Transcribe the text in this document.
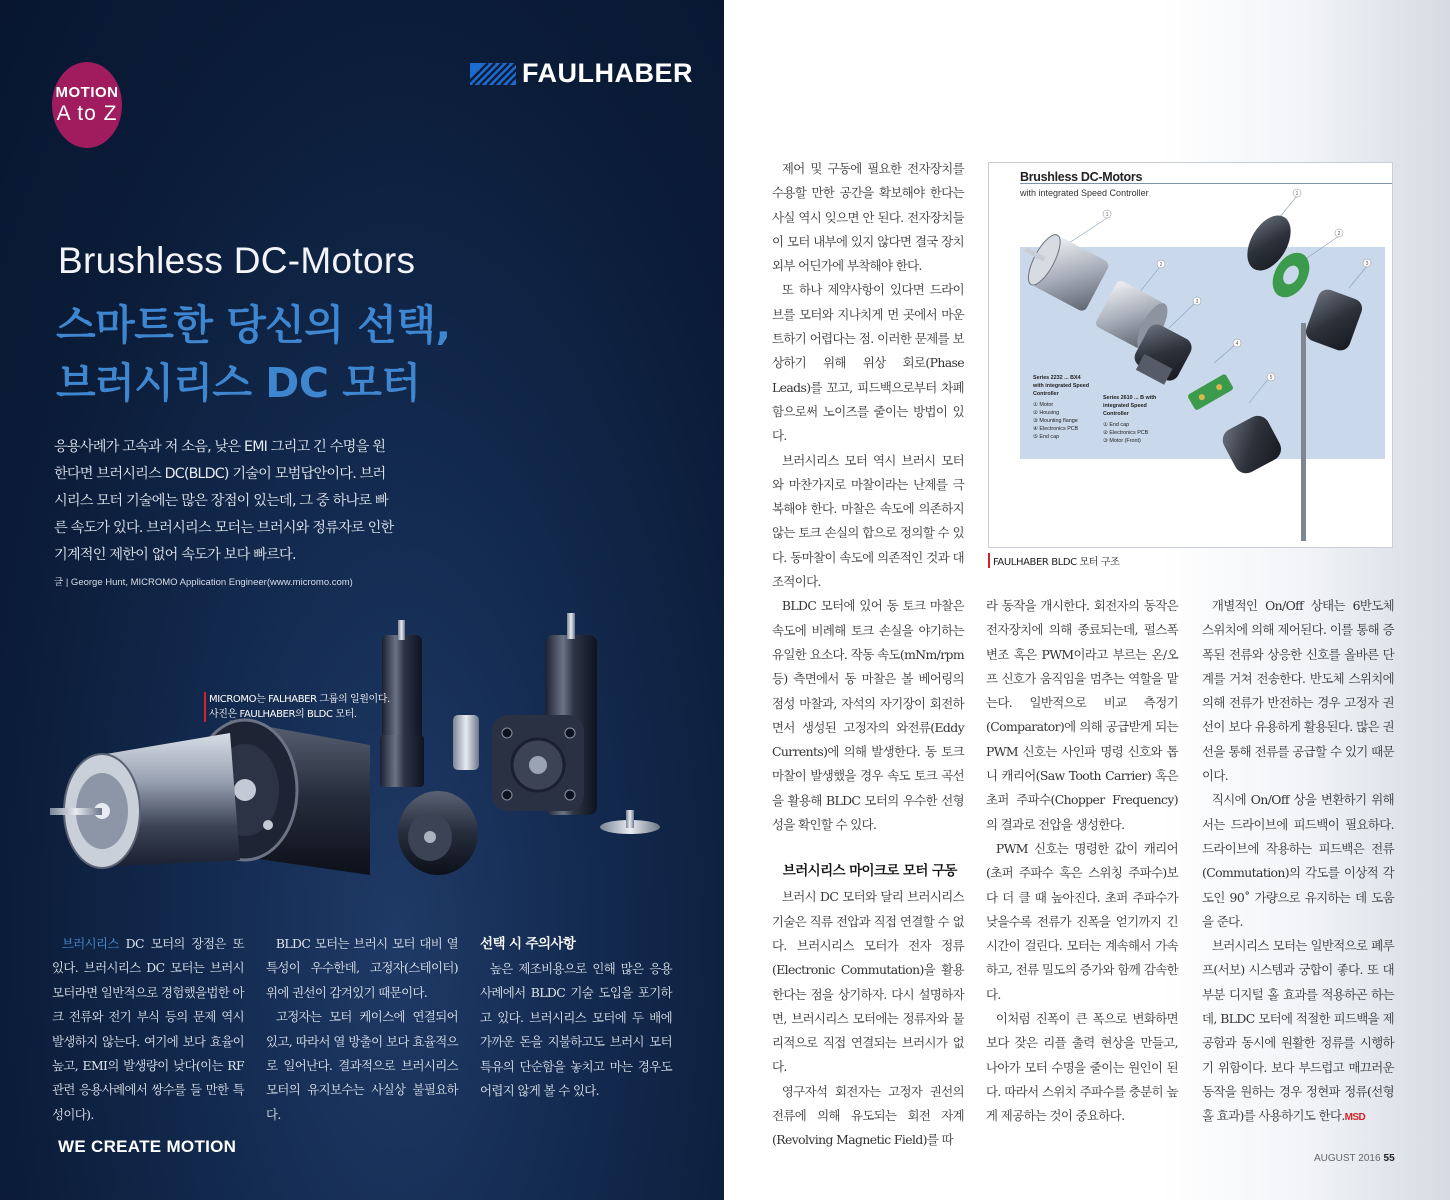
MOTION
A to Z
FAULHABER
Brushless DC-Motors
스마트한 당신의 선택,
브러시리스 DC 모터
응용사례가 고속과 저 소음, 낮은 EMI 그리고 긴 수명을 원한다면 브러시리스 DC(BLDC) 기술이 모범답안이다. 브러시리스 모터 기술에는 많은 장점이 있는데, 그 중 하나로 빠른 속도가 있다. 브러시리스 모터는 브러시와 정류자로 인한 기계적인 제한이 없어 속도가 보다 빠르다.
글 | George Hunt, MICROMO Application Engineer(www.micromo.com)
MICROMO는 FALHABER 그룹의 일원이다.
사진은 FAULHABER의 BLDC 모터.

브러시리스 DC 모터의 장점은 또 있다. 브러시리스 DC 모터는 브러시 모터라면 일반적으로 경험했을법한 아크 전류와 전기 부식 등의 문제 역시 발생하지 않는다. 여기에 보다 효율이 높고, EMI의 발생량이 낮다(이는 RF 관련 응용사례에서 쌍수를 들 만한 특성이다).

BLDC 모터는 브러시 모터 대비 열 특성이 우수한데, 고정자(스테이터) 위에 권선이 감겨있기 때문이다.

고정자는 모터 케이스에 연결되어 있고, 따라서 열 방출이 보다 효율적으로 일어난다. 결과적으로 브러시리스 모터의 유지보수는 사실상 불필요하다.

선택 시 주의사항

높은 제조비용으로 인해 많은 응용사례에서 BLDC 기술 도입을 포기하고 있다. 브러시리스 모터에 두 배에 가까운 돈을 지불하고도 브러시 모터 특유의 단순함을 놓치고 마는 경우도 어렵지 않게 볼 수 있다.

WE CREATE MOTION

제어 및 구동에 필요한 전자장치를 수용할 만한 공간을 확보해야 한다는 사실 역시 잊으면 안 된다. 전자장치들이 모터 내부에 있지 않다면 결국 장치 외부 어딘가에 부착해야 한다.

또 하나 제약사항이 있다면 드라이브를 모터와 지나치게 먼 곳에서 마운트하기 어렵다는 점. 이러한 문제를 보상하기 위해 위상 회로(Phase Leads)를 꼬고, 피드백으로부터 차폐함으로써 노이즈를 줄이는 방법이 있다.

브러시리스 모터 역시 브러시 모터와 마찬가지로 마찰이라는 난제를 극복해야 한다. 마찰은 속도에 의존하지 않는 토크 손실의 합으로 정의할 수 있다. 동마찰이 속도에 의존적인 것과 대조적이다.

BLDC 모터에 있어 동 토크 마찰은 속도에 비례해 토크 손실을 야기하는 유일한 요소다. 작동 속도(mNm/rpm 등) 측면에서 동 마찰은 볼 베어링의 점성 마찰과, 자석의 자기장이 회전하면서 생성된 고정자의 와전류(Eddy Currents)에 의해 발생한다. 동 토크 마찰이 발생했을 경우 속도 토크 곡선을 활용해 BLDC 모터의 우수한 선형성을 확인할 수 있다.

브러시리스 마이크로 모터 구동

브러시 DC 모터와 달리 브러시리스 기술은 직류 전압과 직접 연결할 수 없다. 브러시리스 모터가 전자 정류(Electronic Commutation)을 활용한다는 점을 상기하자. 다시 설명하자면, 브러시리스 모터에는 정류자와 물리적으로 직접 연결되는 브러시가 없다.

영구자석 회전자는 고정자 권선의 전류에 의해 유도되는 회전 자계(Revolving Magnetic Field)를 따

1
2
3
4
5
1
2
3
Brushless DC-Motors
with integrated Speed Controller
Series 2232 ... BX4 with integrated Speed Controller
① Motor
② Housing
③ Mounting flange
④ Electronics PCB
⑤ End cap
Series 2610 ... B with integrated Speed Controller
① End cap
② Electronics PCB
③ Motor (Front)
FAULHABER BLDC 모터 구조

라 동작을 개시한다. 회전자의 동작은 전자장치에 의해 종료되는데, 펄스폭 변조 혹은 PWM이라고 부르는 온/오프 신호가 움직임을 멈추는 역할을 맡는다. 일반적으로 비교 측정기(Comparator)에 의해 공급받게 되는 PWM 신호는 사인파 명령 신호와 톱니 캐리어(Saw Tooth Carrier) 혹은 초퍼 주파수(Chopper Frequency)의 결과로 전압을 생성한다.

PWM 신호는 명령한 값이 캐리어(초퍼 주파수 혹은 스위칭 주파수)보다 더 클 때 높아진다. 초퍼 주파수가 낮을수록 전류가 진폭을 얻기까지 긴 시간이 걸린다. 모터는 계속해서 가속하고, 전류 밀도의 증가와 함께 감속한다.

이처럼 진폭이 큰 폭으로 변화하면 보다 잦은 리플 출력 현상을 만들고, 나아가 모터 수명을 줄이는 원인이 된다. 따라서 스위치 주파수를 충분히 높게 제공하는 것이 중요하다.

개별적인 On/Off 상태는 6반도체 스위치에 의해 제어된다. 이를 통해 증폭된 전류와 상응한 신호를 올바른 단계를 거쳐 전송한다. 반도체 스위치에 의해 전류가 반전하는 경우 고정자 권선이 보다 유용하게 활용된다. 많은 권선을 통해 전류를 공급할 수 있기 때문이다.

직시에 On/Off 상을 변환하기 위해서는 드라이브에 피드백이 필요하다. 드라이브에 작용하는 피드백은 전류(Commutation)의 각도를 이상적 각도인 90˚ 가량으로 유지하는 데 도움을 준다.

브러시리스 모터는 일반적으로 폐루프(서보) 시스템과 궁합이 좋다. 또 대부분 디지털 홀 효과를 적용하곤 하는데, BLDC 모터에 적절한 피드백을 제공함과 동시에 원활한 정류를 시행하기 위함이다. 보다 부드럽고 매끄러운 동작을 원하는 경우 정현파 정류(선형 홀 효과)를 사용하기도 한다.MSD

AUGUST 2016 55
